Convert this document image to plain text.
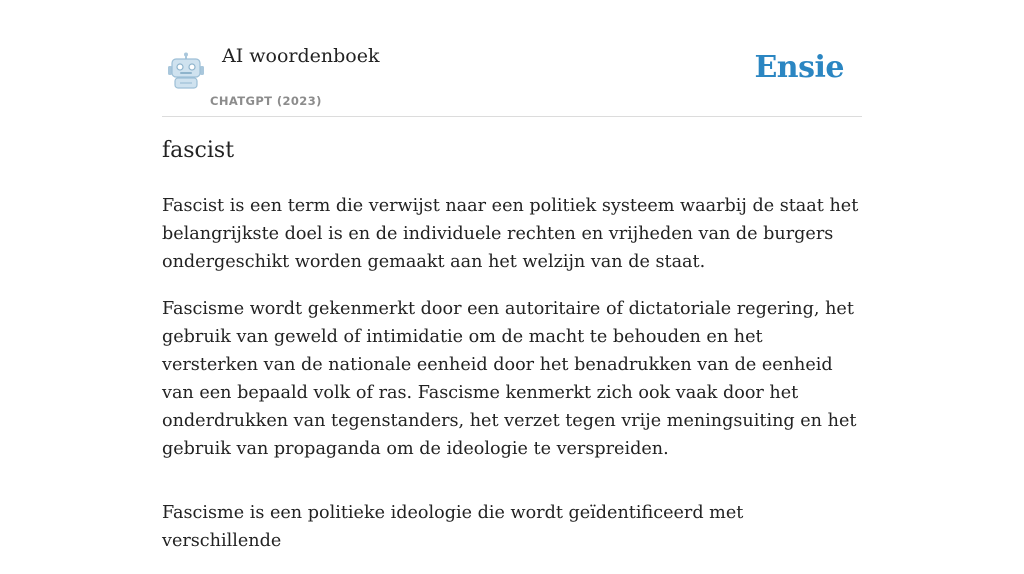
AI woordenboek
CHATGPT (2023)
Ensie
fascist

Fascist is een term die verwijst naar een politiek systeem waarbij de staat het belangrijkste doel is en de individuele rechten en vrijheden van de burgers ondergeschikt worden gemaakt aan het welzijn van de staat.

Fascisme wordt gekenmerkt door een autoritaire of dictatoriale regering, het gebruik van geweld of intimidatie om de macht te behouden en het versterken van de nationale eenheid door het benadrukken van de eenheid van een bepaald volk of ras. Fascisme kenmerkt zich ook vaak door het onderdrukken van tegenstanders, het verzet tegen vrije meningsuiting en het gebruik van propaganda om de ideologie te verspreiden.

Fascisme is een politieke ideologie die wordt geïdentificeerd met verschillende
